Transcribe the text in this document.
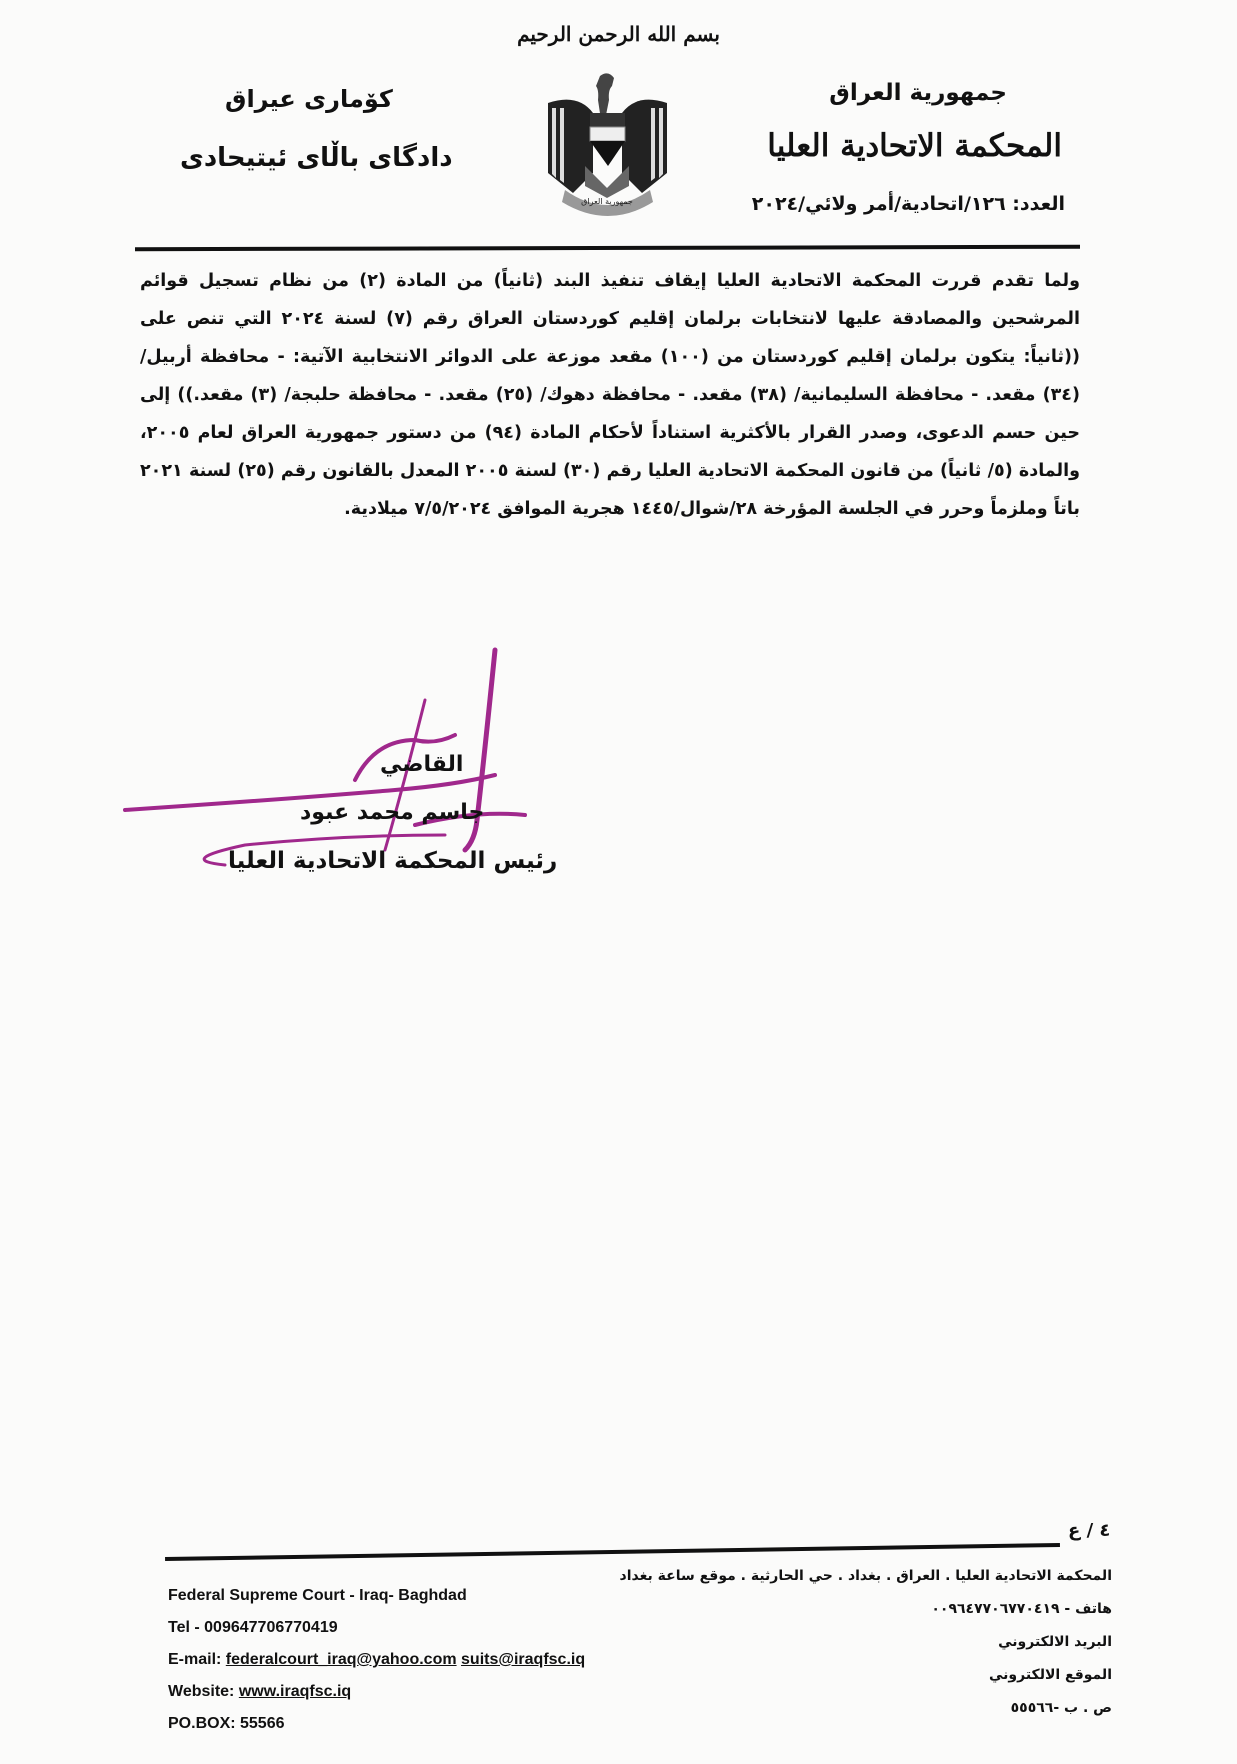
بسم الله الرحمن الرحيم
جمهورية العراق
المحكمة الاتحادية العليا
العدد: ١٢٦/اتحادية/أمر ولائي/٢٠٢٤
كۆماری عیراق
دادگای باڵای ئیتیحادی
جمهورية العراق

ولما تقدم قررت المحكمة الاتحادية العليا إيقاف تنفيذ البند (ثانياً) من المادة (٢) من نظام تسجيل قوائم المرشحين والمصادقة عليها لانتخابات برلمان إقليم كوردستان العراق رقم (٧) لسنة ٢٠٢٤ التي تنص على ((ثانياً: يتكون برلمان إقليم كوردستان من (١٠٠) مقعد موزعة على الدوائر الانتخابية الآتية: - محافظة أربيل/ (٣٤) مقعد. - محافظة السليمانية/ (٣٨) مقعد. - محافظة دهوك/ (٢٥) مقعد. - محافظة حلبجة/ (٣) مقعد.)) إلى حين حسم الدعوى، وصدر القرار بالأكثرية استناداً لأحكام المادة (٩٤) من دستور جمهورية العراق لعام ٢٠٠٥، والمادة (٥/ ثانياً) من قانون المحكمة الاتحادية العليا رقم (٣٠) لسنة ٢٠٠٥ المعدل بالقانون رقم (٢٥) لسنة ٢٠٢١ باتاً وملزماً وحرر في الجلسة المؤرخة ٢٨/شوال/١٤٤٥ هجرية الموافق ٧/٥/٢٠٢٤ ميلادية.

القاضي
جاسم محمد عبود
رئيس المحكمة الاتحادية العليا
٤ / ع
Federal Supreme Court - Iraq- Baghdad
Tel - 009647706770419
E-mail: federalcourt_iraq@yahoo.com suits@iraqfsc.iq
Website: www.iraqfsc.iq
PO.BOX: 55566
المحكمة الاتحادية العليا . العراق . بغداد . حي الحارثية . موقع ساعة بغداد
هاتف - ٠٠٩٦٤٧٧٠٦٧٧٠٤١٩
البريد الالكتروني
الموقع الالكتروني
ص . ب -٥٥٥٦٦
